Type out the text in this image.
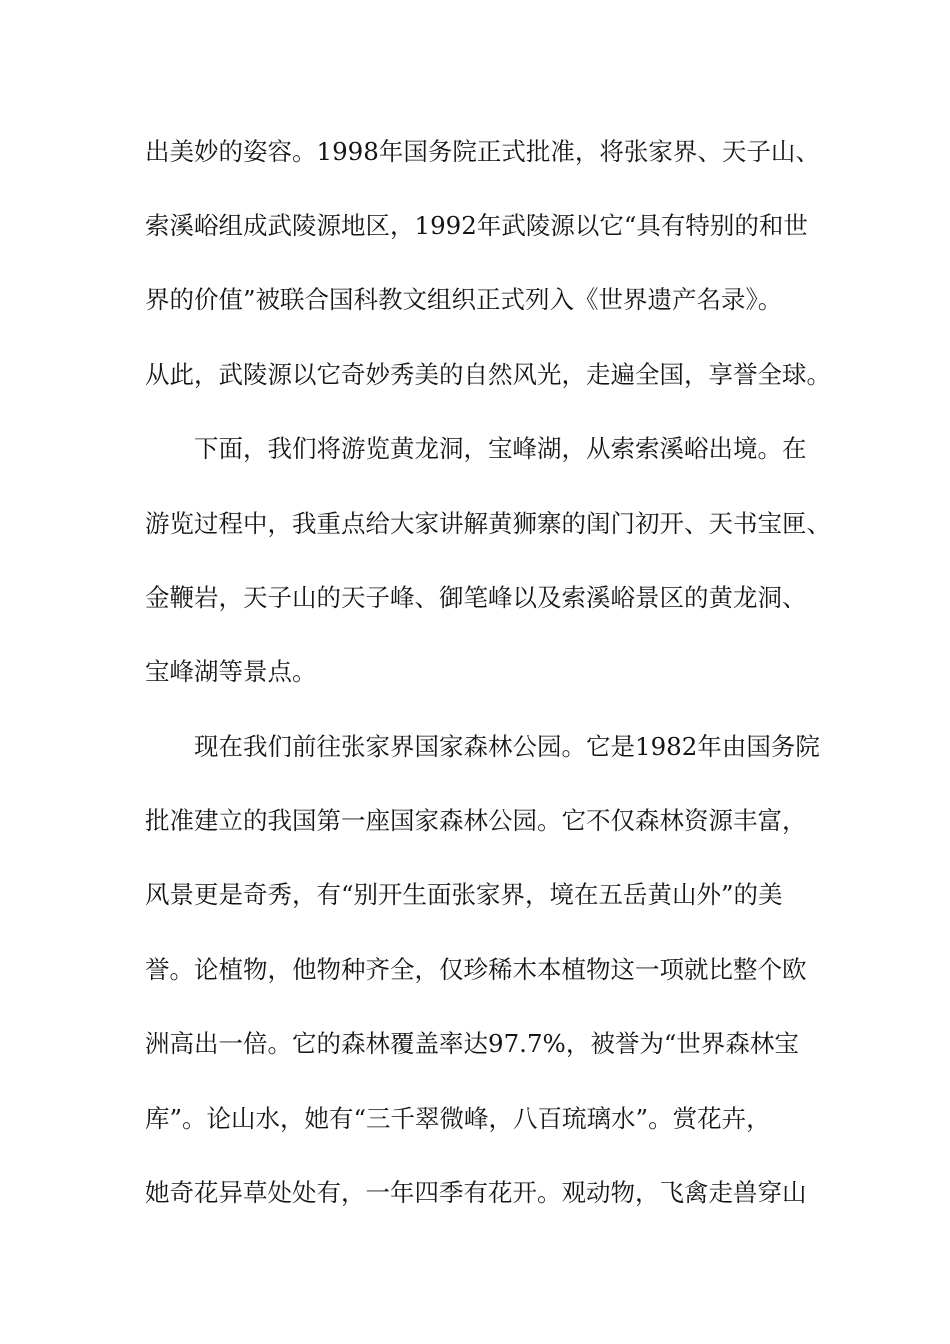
出美妙的姿容。1998年国务院正式批准，将张家界、天子山、
索溪峪组成武陵源地区，1992年武陵源以它“具有特别的和世
界的价值”被联合国科教文组织正式列入《世界遗产名录》。
从此，武陵源以它奇妙秀美的自然风光，走遍全国，享誉全球。
下面，我们将游览黄龙洞，宝峰湖，从索索溪峪出境。在
游览过程中，我重点给大家讲解黄狮寨的闺门初开、天书宝匣、
金鞭岩，天子山的天子峰、御笔峰以及索溪峪景区的黄龙洞、
宝峰湖等景点。
现在我们前往张家界国家森林公园。它是1982年由国务院
批准建立的我国第一座国家森林公园。它不仅森林资源丰富，
风景更是奇秀，有“别开生面张家界，境在五岳黄山外”的美
誉。论植物，他物种齐全，仅珍稀木本植物这一项就比整个欧
洲高出一倍。它的森林覆盖率达97.7%，被誉为“世界森林宝
库”。论山水，她有“三千翠微峰，八百琉璃水”。赏花卉，
她奇花异草处处有，一年四季有花开。观动物，飞禽走兽穿山
